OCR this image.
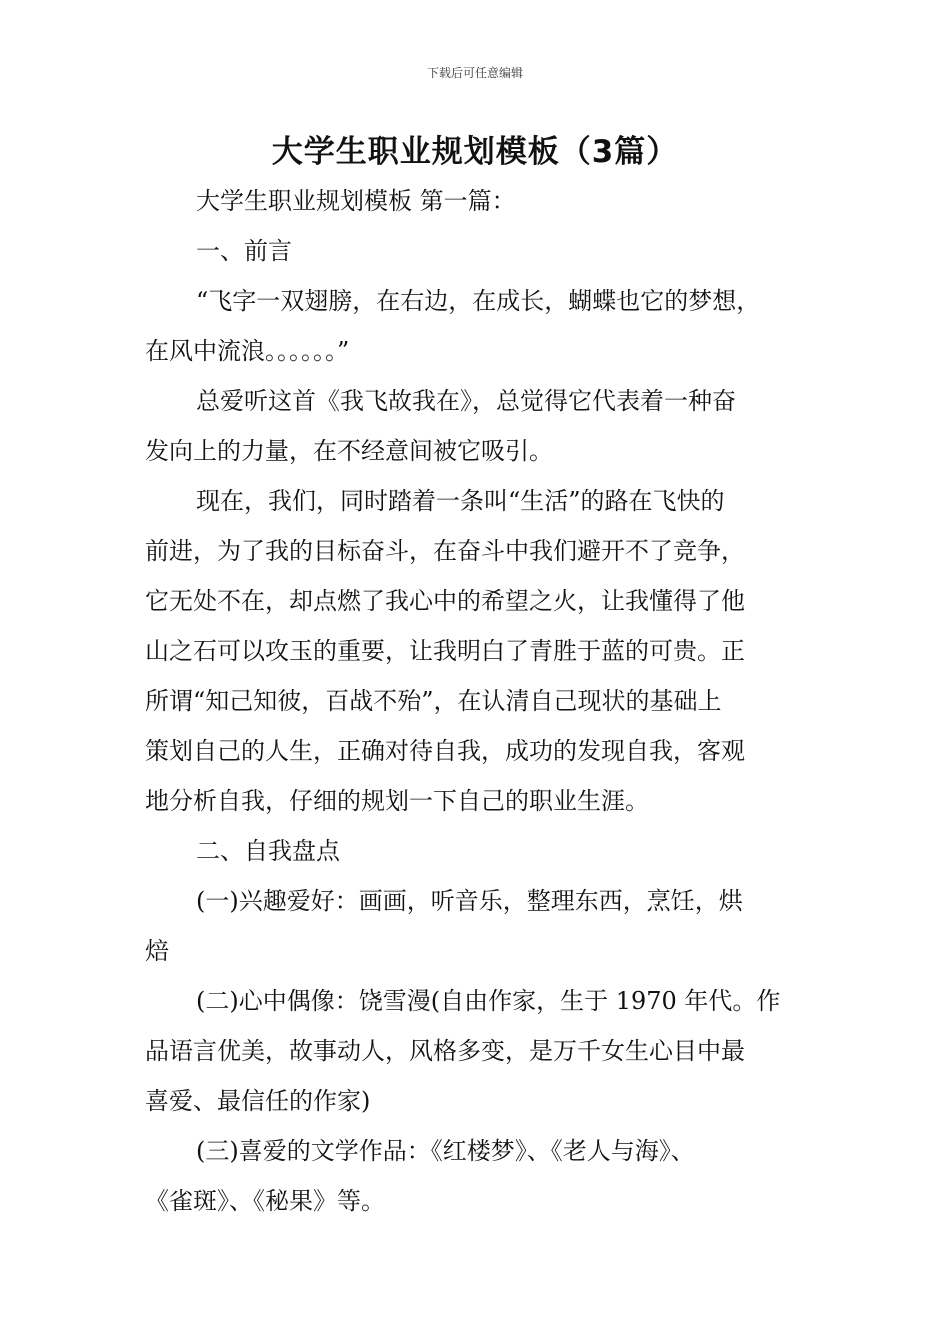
下载后可任意编辑
大学生职业规划模板（3篇）
大学生职业规划模板 第一篇：
一、前言
“飞字一双翅膀，在右边，在成长，蝴蝶也它的梦想，
在风中流浪。。。。。。”
总爱听这首《我飞故我在》，总觉得它代表着一种奋
发向上的力量，在不经意间被它吸引。
现在，我们，同时踏着一条叫“生活”的路在飞快的
前进，为了我的目标奋斗，在奋斗中我们避开不了竞争，
它无处不在，却点燃了我心中的希望之火，让我懂得了他
山之石可以攻玉的重要，让我明白了青胜于蓝的可贵。正
所谓“知己知彼，百战不殆”，在认清自己现状的基础上
策划自己的人生，正确对待自我，成功的发现自我，客观
地分析自我，仔细的规划一下自己的职业生涯。
二、自我盘点
(一)兴趣爱好：画画，听音乐，整理东西，烹饪，烘
焙
(二)心中偶像：饶雪漫(自由作家，生于 1970 年代。作
品语言优美，故事动人，风格多变，是万千女生心目中最
喜爱、最信任的作家)
(三)喜爱的文学作品：《红楼梦》、《老人与海》、
《雀斑》、《秘果》等。
